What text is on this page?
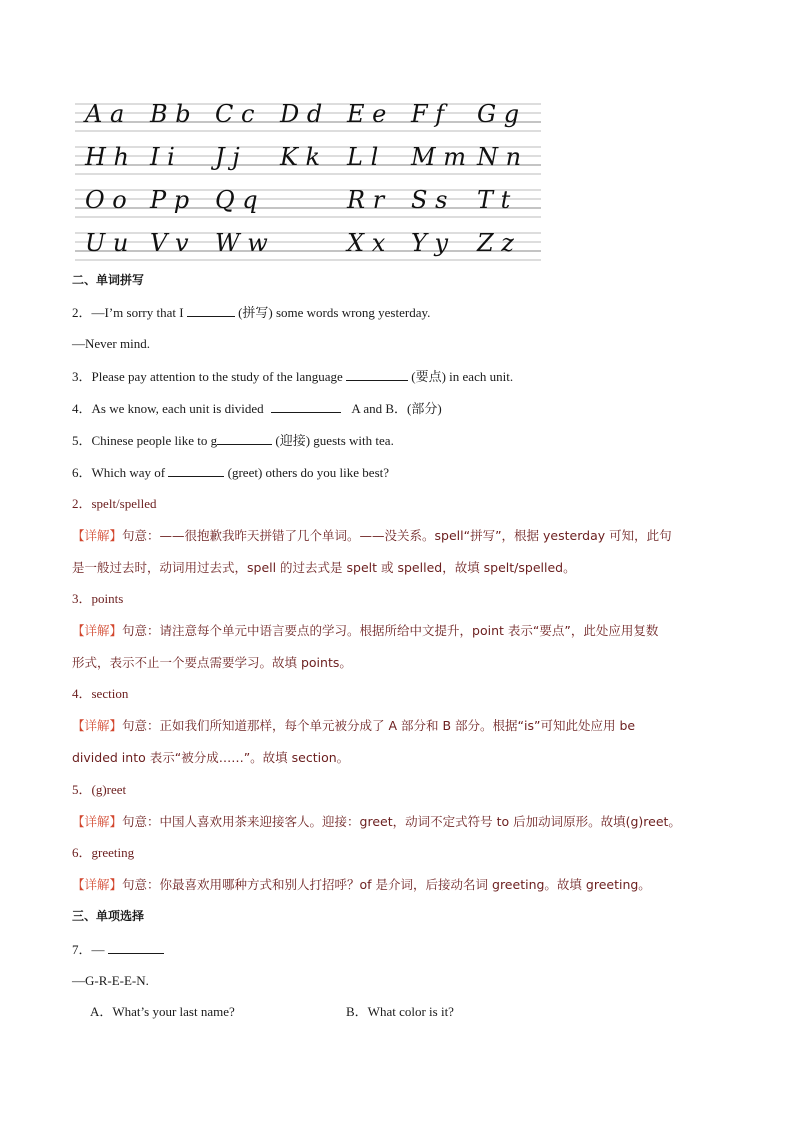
A a B b C c D d E e F f G g
H h I i J j K k L l M m N n
O o P p Q q	R r S s T t
U u V v W w	X x Y y Z z
二、单词拼写
2．—I’m sorry that I	(拼写) some words wrong yesterday.
—Never mind.
3．Please pay attention to the study of the language	(要点) in each unit.
4．As we know, each unit is divided	A and B．(部分)
5．Chinese people like to g	(迎接) guests with tea.
6．Which way of	(greet) others do you like best?
2．spelt/spelled
【详解】句意：——很抱歉我昨天拼错了几个单词。——没关系。spell“拼写”，根据 yesterday 可知，此句
是一般过去时，动词用过去式，spell 的过去式是 spelt 或 spelled，故填 spelt/spelled。
3．points
【详解】句意：请注意每个单元中语言要点的学习。根据所给中文提升，point 表示“要点”，此处应用复数
形式，表示不止一个要点需要学习。故填 points。
4．section
【详解】句意：正如我们所知道那样，每个单元被分成了 A 部分和 B 部分。根据“is”可知此处应用 be
divided into 表示“被分成……”。故填 section。
5．(g)reet
【详解】句意：中国人喜欢用茶来迎接客人。迎接：greet，动词不定式符号 to 后加动词原形。故填(g)reet。
6．greeting
【详解】句意：你最喜欢用哪种方式和别人打招呼？of 是介词，后接动名词 greeting。故填 greeting。
三、单项选择
7．—
—G-R-E-E-N.
A．What’s your last name?	B．What color is it?
